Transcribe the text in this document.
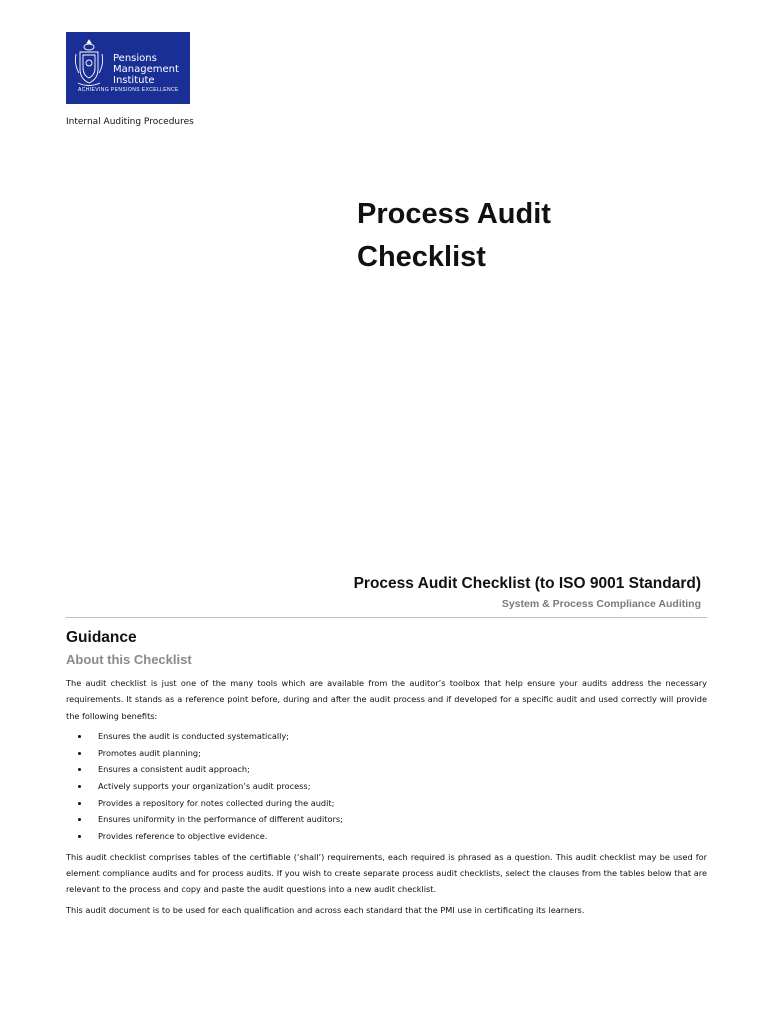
Pensions
Management
Institute
ACHIEVING PENSIONS EXCELLENCE
Internal Auditing Procedures
Process Audit
Checklist
Process Audit Checklist (to ISO 9001 Standard)
System & Process Compliance Auditing
Guidance
About this Checklist

The audit checklist is just one of the many tools which are available from the auditor’s toolbox that help ensure your audits address the necessary requirements. It stands as a reference point before, during and after the audit process and if developed for a specific audit and used correctly will provide the following benefits:

Ensures the audit is conducted systematically;
Promotes audit planning;
Ensures a consistent audit approach;
Actively supports your organization’s audit process;
Provides a repository for notes collected during the audit;
Ensures uniformity in the performance of different auditors;
Provides reference to objective evidence.

This audit checklist comprises tables of the certifiable (‘shall’) requirements, each required is phrased as a question. This audit checklist may be used for element compliance audits and for process audits. If you wish to create separate process audit checklists, select the clauses from the tables below that are relevant to the process and copy and paste the audit questions into a new audit checklist.

This audit document is to be used for each qualification and across each standard that the PMI use in certificating its learners.
